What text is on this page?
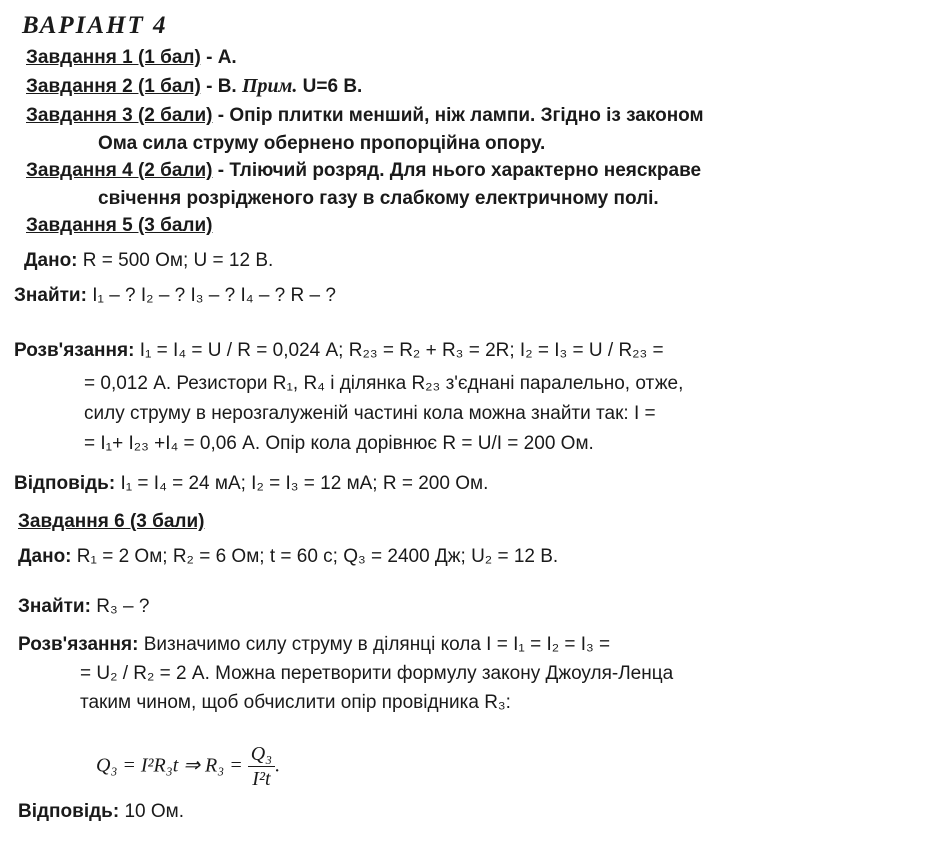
ВАРІАНТ 4
Завдання 1 (1 бал) - А.
Завдання 2 (1 бал) - В. Прим. U=6 В.
Завдання 3 (2 бали) - Опір плитки менший, ніж лампи. Згідно із законом
Ома сила струму обернено пропорційна опору.
Завдання 4 (2 бали) - Тліючий розряд. Для нього характерно неяскраве
свічення розрідженого газу в слабкому електричному полі.
Завдання 5 (3 бали)
Дано: R = 500 Ом; U = 12 В.
Знайти: I₁ – ? I₂ – ? I₃ – ? I₄ – ? R – ?
Розв'язання: I₁ = I₄ = U / R = 0,024 А; R₂₃ = R₂ + R₃ = 2R; I₂ = I₃ = U / R₂₃ =
= 0,012 А. Резистори R₁, R₄ і ділянка R₂₃ з'єднані паралельно, отже,
силу струму в нерозгалуженій частині кола можна знайти так: I =
= I₁+ I₂₃ +I₄ = 0,06 А. Опір кола дорівнює R = U/I = 200 Ом.
Відповідь: I₁ = I₄ = 24 мА; I₂ = I₃ = 12 мА; R = 200 Ом.
Завдання 6 (3 бали)
Дано: R₁ = 2 Ом; R₂ = 6 Ом; t = 60 с; Q₃ = 2400 Дж; U₂ = 12 В.
Знайти: R₃ – ?
Розв'язання: Визначимо силу струму в ділянці кола I = I₁ = I₂ = I₃ =
= U₂ / R₂ = 2 А. Можна перетворити формулу закону Джоуля-Ленца
таким чином, щоб обчислити опір провідника R₃:
Q₃ = I²R₃t ⇒ $R_3 = \frac{\text{Q₃}}{\text{I²t}}$ .
Відповідь: 10 Ом.
